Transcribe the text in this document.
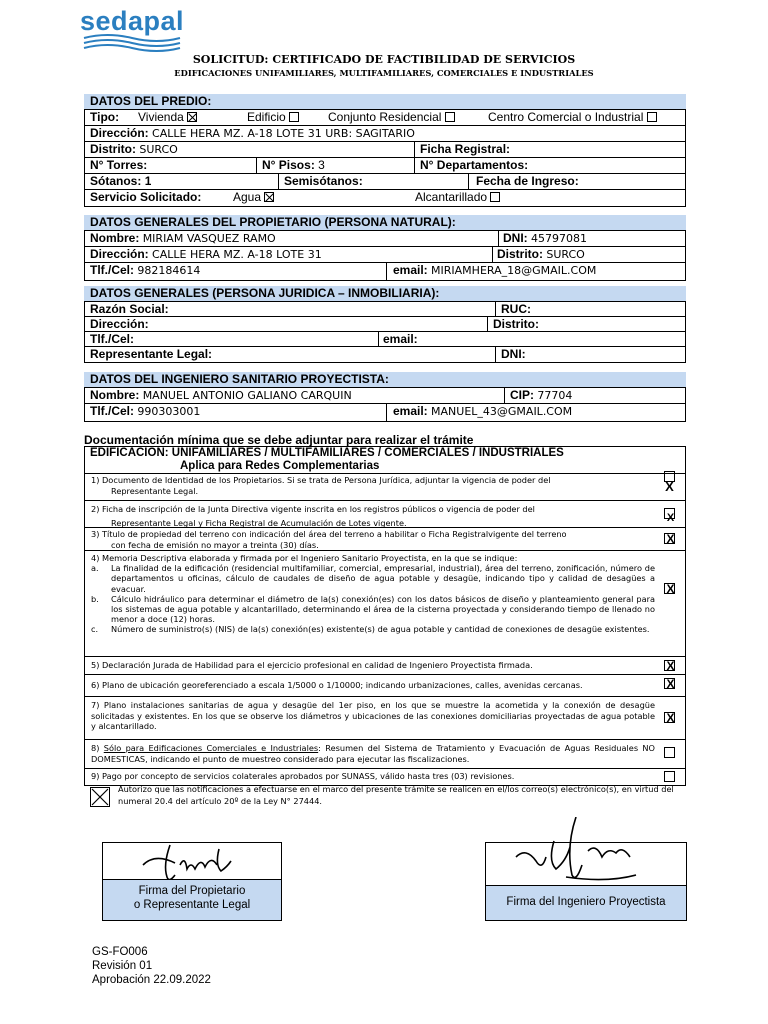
sedapal
SOLICITUD: CERTIFICADO DE FACTIBILIDAD DE SERVICIOS
EDIFICACIONES UNIFAMILIARES, MULTIFAMILIARES, COMERCIALES E INDUSTRIALES
DATOS DEL PREDIO:
Tipo: Vivienda	Edificio	Conjunto Residencial	Centro Comercial o Industrial
Dirección: CALLE HERA MZ. A-18 LOTE 31 URB: SAGITARIO
Distrito: SURCO	Ficha Registral:
N° Torres:	N° Pisos: 3	N° Departamentos:
Sótanos: 1	Semisótanos:	Fecha de Ingreso:
Servicio Solicitado:	Agua	Alcantarillado
DATOS GENERALES DEL PROPIETARIO (PERSONA NATURAL):
Nombre: MIRIAM VASQUEZ RAMO	DNI: 45797081
Dirección: CALLE HERA MZ. A-18 LOTE 31	Distrito: SURCO
Tlf./Cel: 982184614	email: MIRIAMHERA_18@GMAIL.COM
DATOS GENERALES (PERSONA JURIDICA – INMOBILIARIA):
Razón Social:	RUC:
Dirección:	Distrito:
Tlf./Cel:	email:
Representante Legal:	DNI:
DATOS DEL INGENIERO SANITARIO PROYECTISTA:
Nombre: MANUEL ANTONIO GALIANO CARQUIN	CIP: 77704
Tlf./Cel: 990303001	email: MANUEL_43@GMAIL.COM
Documentación mínima que se debe adjuntar para realizar el trámite
EDIFICACION: UNIFAMILIARES / MULTIFAMILIARES / COMERCIALES / INDUSTRIALES
Aplica para Redes Complementarias
1) Documento de Identidad de los Propietarios. Si se trata de Persona Jurídica, adjuntar la vigencia de poder del
Representante Legal.	X
2) Ficha de inscripción de la Junta Directiva vigente inscrita en los registros públicos o vigencia de poder del
Representante Legal y Ficha Registral de Acumulación de Lotes vigente.	X
3) Título de propiedad del terreno con indicación del área del terreno a habilitar o Ficha Registralvigente del terreno
con fecha de emisión no mayor a treinta (30) días.	X
4) Memoria Descriptiva elaborada y firmada por el Ingeniero Sanitario Proyectista, en la que se indique:
a. La finalidad de la edificación (residencial multifamiliar, comercial, empresarial, industrial), área del terreno, zonificación, número de departamentos u oficinas, cálculo de caudales de diseño de agua potable y desagüe, indicando tipo y calidad de desagües a evacuar.
b. Cálculo hidráulico para determinar el diámetro de la(s) conexión(es) con los datos básicos de diseño y planteamiento general para los sistemas de agua potable y alcantarillado, determinando el área de la cisterna proyectada y considerando tiempo de llenado no menor a doce (12) horas.
c. Número de suministro(s) (NIS) de la(s) conexión(es) existente(s) de agua potable y cantidad de conexiones de desagüe existentes.
X
5) Declaración Jurada de Habilidad para el ejercicio profesional en calidad de Ingeniero Proyectista firmada.	X
6) Plano de ubicación georeferenciado a escala 1/5000 o 1/10000; indicando urbanizaciones, calles, avenidas cercanas.	X
7) Plano instalaciones sanitarias de agua y desagüe del 1er piso, en los que se muestre la acometida y la conexión de desagüe solicitadas y existentes. En los que se observe los diámetros y ubicaciones de las conexiones domiciliarias proyectadas de agua potable y alcantarillado.
X
8) Sólo para Edificaciones Comerciales e Industriales: Resumen del Sistema de Tratamiento y Evacuación de Aguas Residuales NO DOMESTICAS, indicando el punto de muestreo considerado para ejecutar las fiscalizaciones.
9) Pago por concepto de servicios colaterales aprobados por SUNASS, válido hasta tres (03) revisiones.
Autorizo que las notificaciones a efectuarse en el marco del presente trámite se realicen en el/los correo(s) electrónico(s), en virtud del numeral 20.4 del artículo 20º de la Ley N° 27444.
Firma del Propietario
o Representante Legal	Firma del Ingeniero Proyectista
GS-FO006
Revisión 01
Aprobación 22.09.2022
